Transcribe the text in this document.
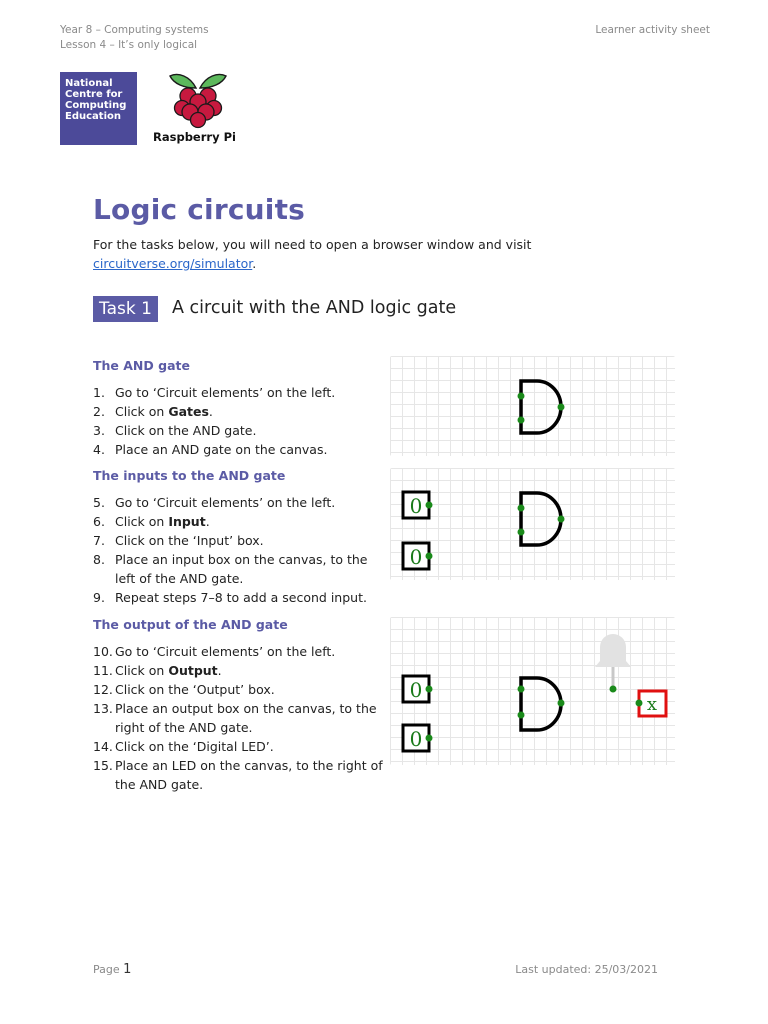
Year 8 – Computing systems
Lesson 4 – It’s only logical
Learner activity sheet
National Centre for Computing Education
Raspberry Pi
Logic circuits

For the tasks below, you will need to open a browser window and visit circuitverse.org/simulator.

Task 1	A circuit with the AND logic gate
The AND gate
1. Go to ‘Circuit elements’ on the left.
2. Click on Gates.
3. Click on the AND gate.
4. Place an AND gate on the canvas.
The inputs to the AND gate
5. Go to ‘Circuit elements’ on the left.
6. Click on Input.
7. Click on the ‘Input’ box.
8. Place an input box on the canvas, to the left of the AND gate.
9. Repeat steps 7–8 to add a second input.
The output of the AND gate
10. Go to ‘Circuit elements’ on the left.
11. Click on Output.
12. Click on the ‘Output’ box.
13. Place an output box on the canvas, to the right of the AND gate.
14. Click on the ‘Digital LED’.
15. Place an LED on the canvas, to the right of the AND gate.
0
0
0
0
x
Page 1	Last updated: 25/03/2021
